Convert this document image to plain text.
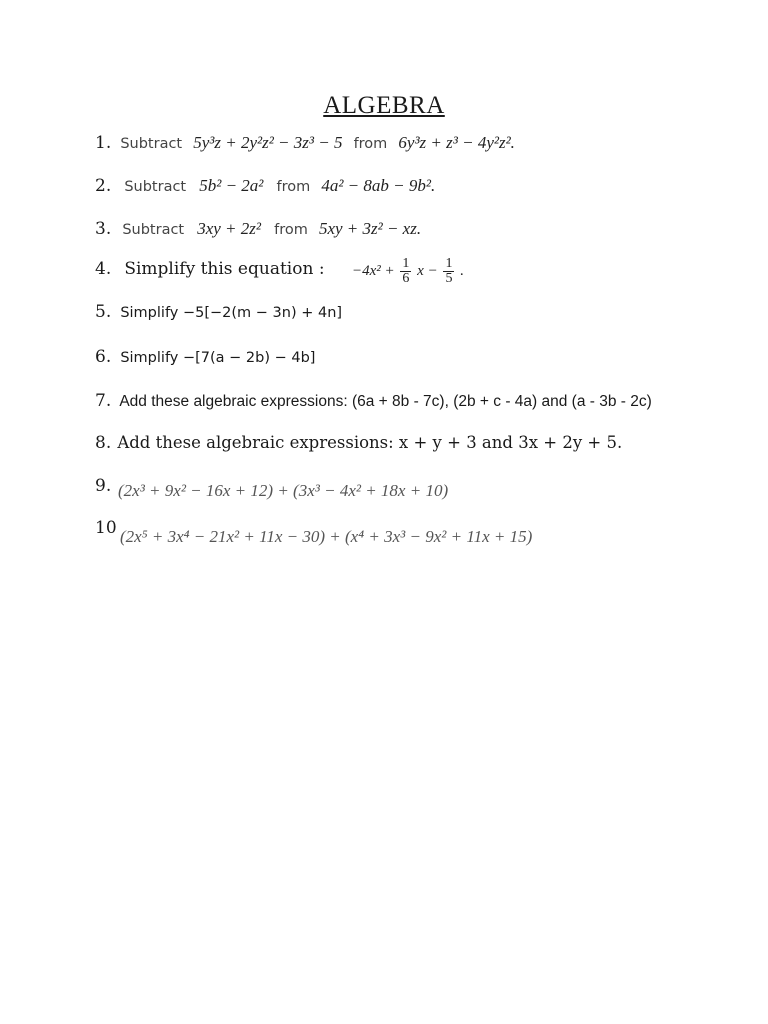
ALGEBRA
1. Subtract 5y³z + 2y²z² − 3z³ − 5 from 6y³z + z³ − 4y²z².
2. Subtract 5b² − 2a² from 4a² − 8ab − 9b².
3. Subtract 3xy + 2z² from 5xy + 3z² − xz.
4. Simplify this equation : $-4x^2 + \frac{1}{6}$ $x - \frac{1}{5}$ .
5. Simplify −5[−2(m − 3n) + 4n]
6. Simplify −[7(a − 2b) − 4b]
7. Add these algebraic expressions: (6a + 8b - 7c), (2b + c - 4a) and (a - 3b - 2c)
8. Add these algebraic expressions: x + y + 3 and 3x + 2y + 5.
9. (2x³ + 9x² − 16x + 12) + (3x³ − 4x² + 18x + 10)
10 (2x⁵ + 3x⁴ − 21x² + 11x − 30) + (x⁴ + 3x³ − 9x² + 11x + 15)
